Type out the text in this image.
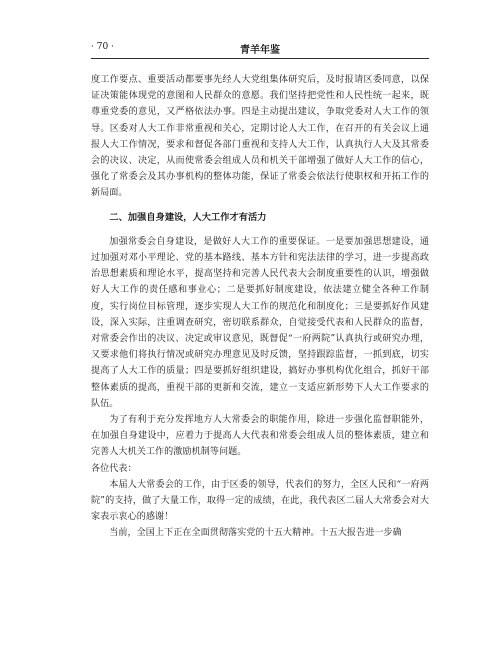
· 70 ·	青羊年鉴

度工作要点、重要活动都要事先经人大党组集体研究后，及时报请区委同意，以保证决策能体现党的意图和人民群众的意愿。我们坚持把党性和人民性统一起来，既尊重党委的意见，又严格依法办事。四是主动提出建议，争取党委对人大工作的领导。区委对人大工作非常重视和关心，定期讨论人大工作，在召开的有关会议上通报人大工作情况，要求和督促各部门重视和支持人大工作，认真执行人大及其常委会的决议、决定，从而使常委会组成人员和机关干部增强了做好人大工作的信心，强化了常委会及其办事机构的整体功能，保证了常委会依法行使职权和开拓工作的新局面。

二、加强自身建设，人大工作才有活力

加强常委会自身建设，是做好人大工作的重要保证。一是要加强思想建设，通过加强对邓小平理论、党的基本路线、基本方针和宪法法律的学习，进一步提高政治思想素质和理论水平，提高坚持和完善人民代表大会制度重要性的认识，增强做好人大工作的责任感和事业心；二是要抓好制度建设，依法建立健全各种工作制度，实行岗位目标管理，逐步实现人大工作的规范化和制度化；三是要抓好作风建设，深入实际，注重调查研究，密切联系群众，自觉接受代表和人民群众的监督，对常委会作出的决议、决定或审议意见，既督促“一府两院”认真执行或研究办理，又要求他们将执行情况或研究办理意见及时反馈，坚持跟踪监督，一抓到底，切实提高了人大工作的质量；四是要抓好组织建设，搞好办事机构优化组合，抓好干部整体素质的提高，重视干部的更新和交流，建立一支适应新形势下人大工作要求的队伍。

为了有利于充分发挥地方人大常委会的职能作用，除进一步强化监督职能外，在加强自身建设中，应着力于提高人大代表和常委会组成人员的整体素质，建立和完善人大机关工作的激励机制等问题。

各位代表：

本届人大常委会的工作，由于区委的领导，代表们的努力，全区人民和“一府两院”的支持，做了大量工作，取得一定的成绩，在此，我代表区二届人大常委会对大家表示衷心的感谢！

当前，全国上下正在全面贯彻落实党的十五大精神。十五大报告进一步确
